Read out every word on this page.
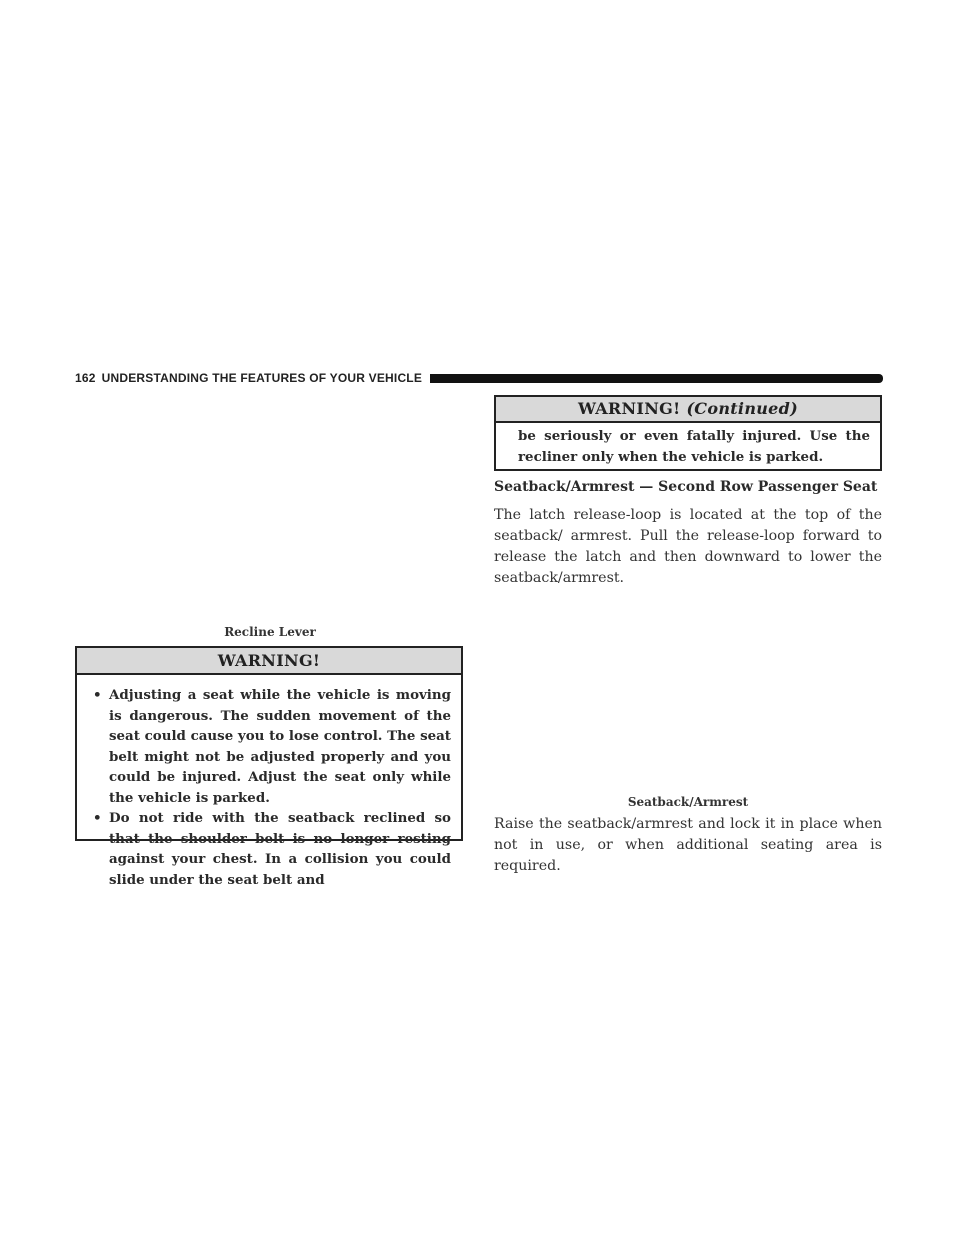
162 UNDERSTANDING THE FEATURES OF YOUR VEHICLE
Recline Lever
WARNING!
• Adjusting a seat while the vehicle is moving is dangerous. The sudden movement of the seat could cause you to lose control. The seat belt might not be adjusted properly and you could be injured. Adjust the seat only while the vehicle is parked.
• Do not ride with the seatback reclined so that the shoulder belt is no longer resting against your chest. In a collision you could slide under the seat belt and
WARNING! (Continued)
be seriously or even fatally injured. Use the recliner only when the vehicle is parked.
Seatback/Armrest — Second Row Passenger Seat
The latch release-loop is located at the top of the seatback/ armrest. Pull the release-loop forward to release the latch and then downward to lower the seatback/armrest.
Seatback/Armrest
Raise the seatback/armrest and lock it in place when not in use, or when additional seating area is required.
